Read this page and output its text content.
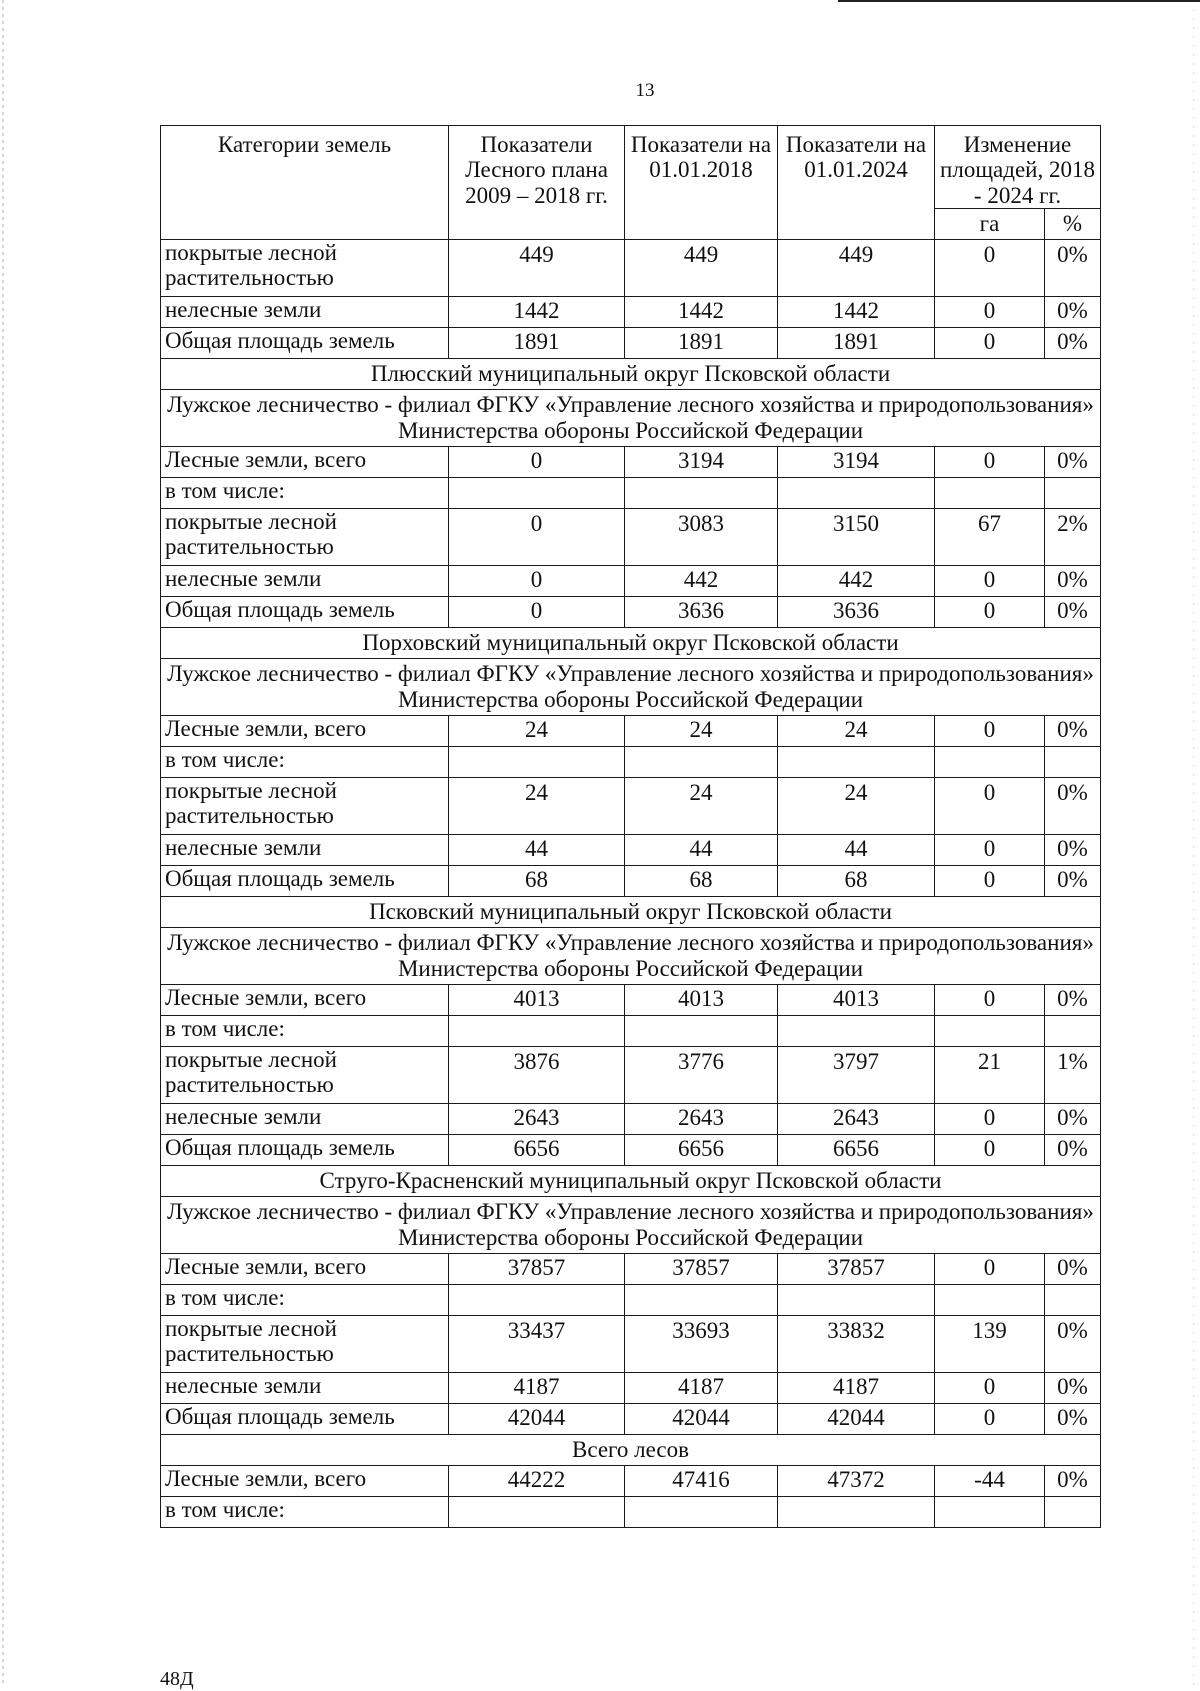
13
Категории земель	Показатели Лесного плана 2009 – 2018 гг.	Показатели на 01.01.2018	Показатели на 01.01.2024	Изменение площадей, 2018 - 2024 гг.	
				га	%
покрытые лесной растительностью	449	449	449	0	0%
нелесные земли	1442	1442	1442	0	0%
Общая площадь земель	1891	1891	1891	0	0%
Плюсский муниципальный округ Псковской области					
Лужское лесничество - филиал ФГКУ «Управление лесного хозяйства и природопользования» Министерства обороны Российской Федерации					
Лесные земли, всего	0	3194	3194	0	0%
в том числе:					
покрытые лесной растительностью	0	3083	3150	67	2%
нелесные земли	0	442	442	0	0%
Общая площадь земель	0	3636	3636	0	0%
Порховский муниципальный округ Псковской области					
Лужское лесничество - филиал ФГКУ «Управление лесного хозяйства и природопользования» Министерства обороны Российской Федерации					
Лесные земли, всего	24	24	24	0	0%
в том числе:					
покрытые лесной растительностью	24	24	24	0	0%
нелесные земли	44	44	44	0	0%
Общая площадь земель	68	68	68	0	0%
Псковский муниципальный округ Псковской области					
Лужское лесничество - филиал ФГКУ «Управление лесного хозяйства и природопользования» Министерства обороны Российской Федерации					
Лесные земли, всего	4013	4013	4013	0	0%
в том числе:					
покрытые лесной растительностью	3876	3776	3797	21	1%
нелесные земли	2643	2643	2643	0	0%
Общая площадь земель	6656	6656	6656	0	0%
Струго-Красненский муниципальный округ Псковской области					
Лужское лесничество - филиал ФГКУ «Управление лесного хозяйства и природопользования» Министерства обороны Российской Федерации					
Лесные земли, всего	37857	37857	37857	0	0%
в том числе:					
покрытые лесной растительностью	33437	33693	33832	139	0%
нелесные земли	4187	4187	4187	0	0%
Общая площадь земель	42044	42044	42044	0	0%
Всего лесов					
Лесные земли, всего	44222	47416	47372	-44	0%
в том числе:					
48Д
